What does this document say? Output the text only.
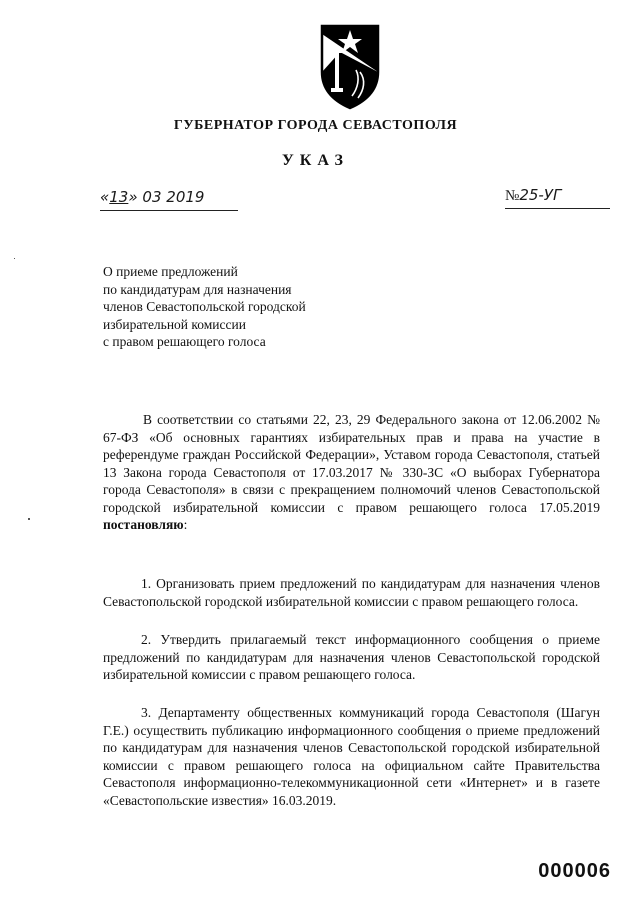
ГУБЕРНАТОР ГОРОДА СЕВАСТОПОЛЯ
УКАЗ
«13» 03 2019	№25-УГ
О приеме предложений
по кандидатурам для назначения
членов Севастопольской городской
избирательной комиссии
с правом решающего голоса

В соответствии со статьями 22, 23, 29 Федерального закона от 12.06.2002 № 67-ФЗ «Об основных гарантиях избирательных прав и права на участие в референдуме граждан Российской Федерации», Уставом города Севастополя, статьей 13 Закона города Севастополя от 17.03.2017 № 330-ЗС «О выборах Губернатора города Севастополя» в связи с прекращением полномочий членов Севастопольской городской избирательной комиссии с правом решающего голоса 17.05.2019 постановляю:

1. Организовать прием предложений по кандидатурам для назначения членов Севастопольской городской избирательной комиссии с правом решающего голоса.

2. Утвердить прилагаемый текст информационного сообщения о приеме предложений по кандидатурам для назначения членов Севастопольской городской избирательной комиссии с правом решающего голоса.

3. Департаменту общественных коммуникаций города Севастополя (Шагун Г.Е.) осуществить публикацию информационного сообщения о приеме предложений по кандидатурам для назначения членов Севастопольской городской избирательной комиссии с правом решающего голоса на официальном сайте Правительства Севастополя информационно-телекоммуникационной сети «Интернет» и в газете «Севастопольские известия» 16.03.2019.

000006
